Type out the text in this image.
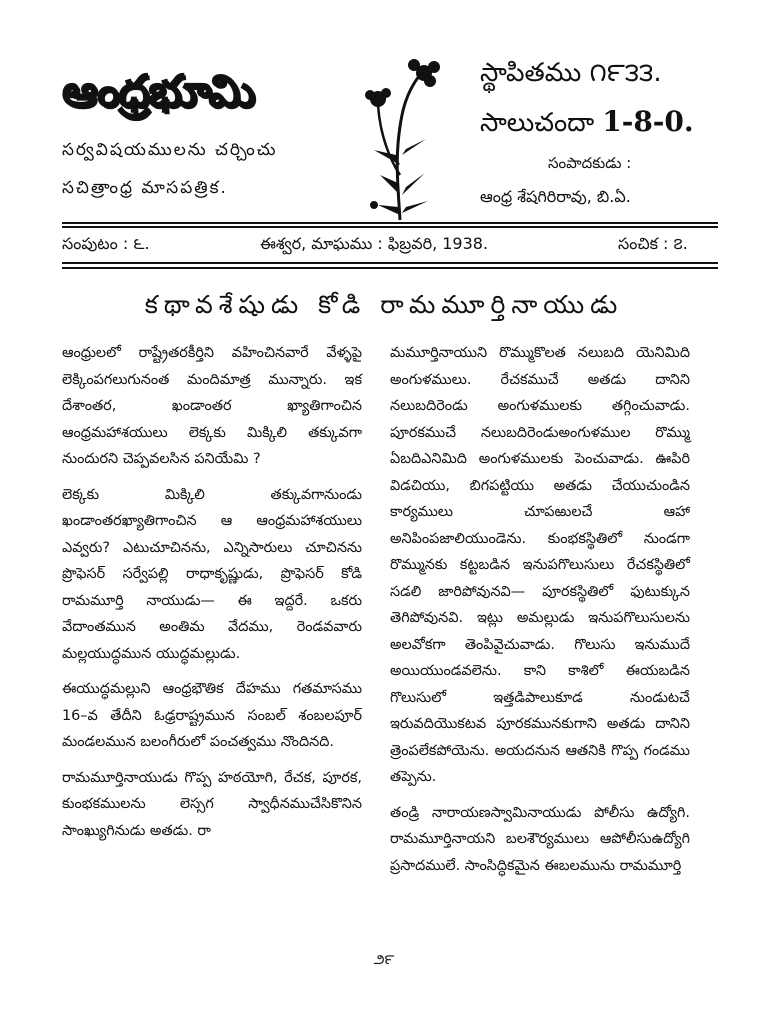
ఆంధ్రభూమి
సర్వవిషయములను చర్చించు
సచిత్రాంధ్ర మాసపత్రిక.
స్థాపితము ౧౯౩౩.
సాలుచందా 1-8-0.
సంపాదకుడు :
ఆంధ్ర శేషగిరిరావు, బి.ఏ.
సంపుటం : ౬.	ఈశ్వర, మాఘము : ఫిబ్రవరి, 1938.	సంచిక : ౭.
కథావశేషుడు కోడి రామమూర్తినాయుడు

ఆంధ్రులలో రాష్ట్రేతరకీర్తిని వహించినవారే వేళ్ళపై లెక్కింపగలుగునంత మందిమాత్ర మున్నారు. ఇక దేశాంతర, ఖండాంతర ఖ్యాతిగాంచిన ఆంధ్రమహాశయులు లెక్కకు మిక్కిలి తక్కువగా నుందురని చెప్పవలసిన పనియేమి ?

లెక్కకు మిక్కిలి తక్కువగానుండు ఖండాంతరఖ్యాతిగాంచిన ఆ ఆంధ్రమహాశయులు ఎవ్వరు? ఎటుచూచినను, ఎన్నిసారులు చూచినను ప్రొఫెసర్ సర్వేపల్లి రాధాకృష్ణుడు, ప్రొఫెసర్ కోడి రామమూర్తి నాయుడు— ఈ ఇద్దరే. ఒకరు వేదాంతమున అంతిమ వేదము, రెండవవారు మల్లయుద్ధమున యుద్ధమల్లుడు.

ఈయుద్ధమల్లుని ఆంధ్రభౌతిక దేహము గతమాసము 16–వ తేదీని ఓఢ్రరాష్ట్రమున సంబల్ శంబలపూర్ మండలమున బలంగీరులో పంచత్వము నొందినది.

రామమూర్తినాయుడు గొప్ప హఠయోగి, రేచక, పూరక, కుంభకములను లెస్సగ స్వాధీనముచేసికొనిన సాంఖ్యుగినుడు అతడు. రా

మమూర్తినాయుని రొమ్ముకొలత నలుబది యెనిమిది అంగుళములు. రేచకముచే అతడు దానిని నలుబదిరెండు అంగుళములకు తగ్గించువాడు. పూరకముచే నలుబదిరెండుఅంగుళముల రొమ్ము ఏబదిఎనిమిది అంగుళములకు పెంచువాడు. ఊపిరి విడచియు, బిగపట్టియు అతడు చేయుచుండిన కార్యములు చూపఱులచే ఆహా అనిపింపజాలియుండెను. కుంభకస్థితిలో నుండగా రొమ్మునకు కట్టబడిన ఇనుపగొలుసులు రేచకస్థితిలో సడలి జారిపోవునవి— పూరకస్థితిలో ఫుటుక్కున తెగిపోవునవి. ఇట్లు అమల్లుడు ఇనుపగొలుసులను అలవోకగా తెంపివైచువాడు. గొలుసు ఇనుముదే అయియుండవలెను. కాని కాశిలో ఈయబడిన గొలుసులో ఇత్తడిపాలుకూడ నుండుటచే ఇరువదియొకటవ పూరకమునకుగాని అతడు దానిని త్రెంపలేకపోయెను. అయదనున ఆతనికి గొప్ప గండము తప్పెను.

తండ్రి నారాయణస్వామినాయుడు పోలీసు ఉద్యోగి. రామమూర్తినాయని బలశౌర్యములు ఆపోలీసుఉద్యోగి ప్రసాదములే. సాంసిద్ధికమైన ఈబలమును రామమూర్తి

౨౯
